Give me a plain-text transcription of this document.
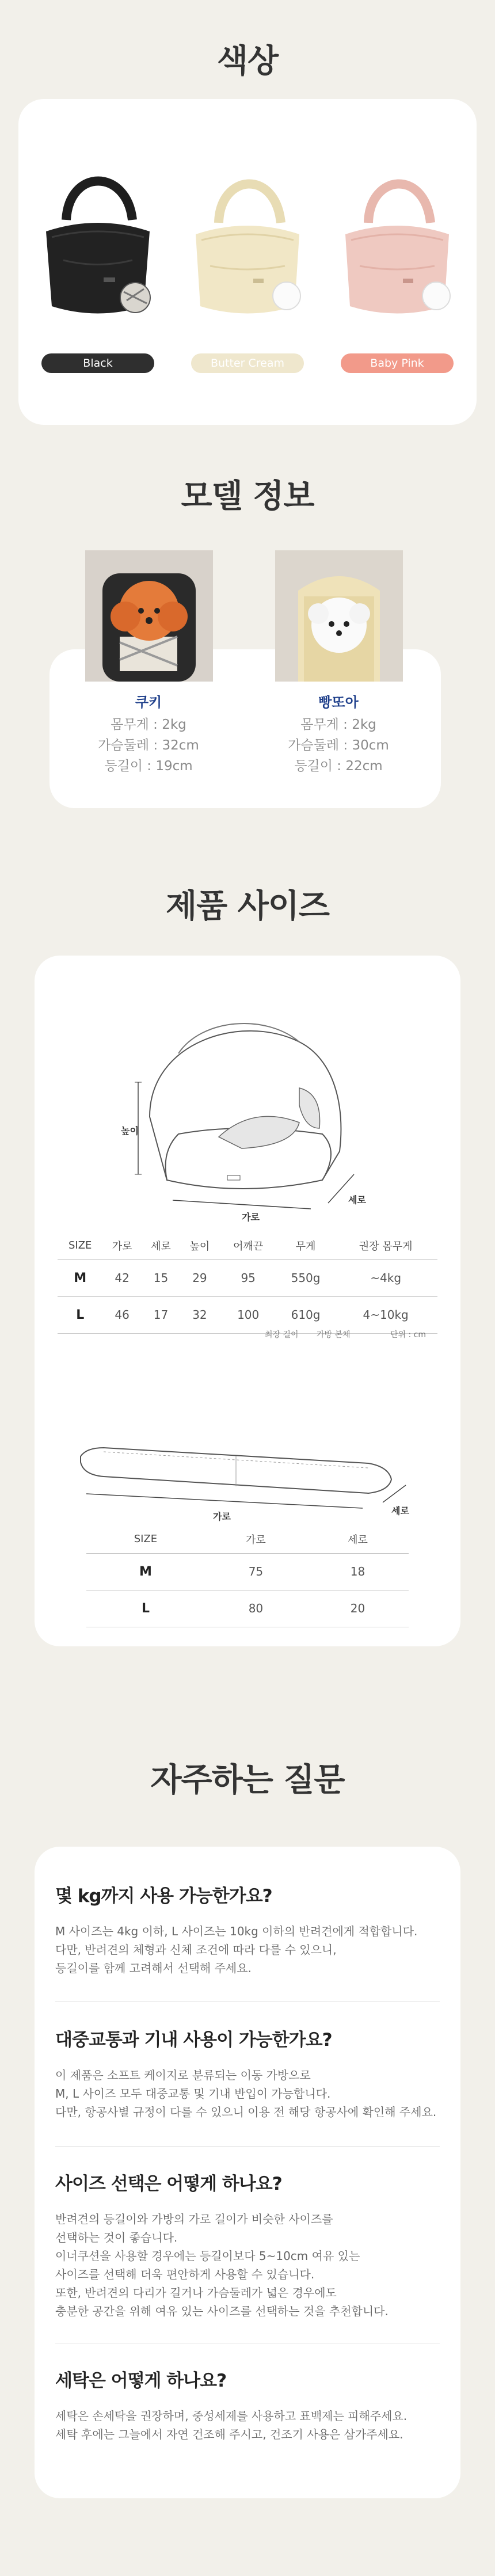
색상
Black	Butter Cream	Baby Pink
모델 정보
쿠키
몸무게 : 2kg
가슴둘레 : 32cm
등길이 : 19cm
빵또아
몸무게 : 2kg
가슴둘레 : 30cm
등길이 : 22cm
제품 사이즈
높이
가로
세로
SIZE	가로	세로	높이	어깨끈	무게	권장 몸무게
M	42	15	29	95	550g	~4kg
L	46	17	32	100	610g	4~10kg
최장 길이 가방 본체	단위 : cm
가로
세로
SIZE	가로	세로
M	75	18
L	80	20
자주하는 질문
몇 kg까지 사용 가능한가요?
M 사이즈는 4kg 이하, L 사이즈는 10kg 이하의 반려견에게 적합합니다.
다만, 반려견의 체형과 신체 조건에 따라 다를 수 있으니,
등길이를 함께 고려해서 선택해 주세요.
대중교통과 기내 사용이 가능한가요?
이 제품은 소프트 케이지로 분류되는 이동 가방으로
M, L 사이즈 모두 대중교통 및 기내 반입이 가능합니다.
다만, 항공사별 규정이 다를 수 있으니 이용 전 해당 항공사에 확인해 주세요.
사이즈 선택은 어떻게 하나요?
반려견의 등길이와 가방의 가로 길이가 비슷한 사이즈를
선택하는 것이 좋습니다.
이너쿠션을 사용할 경우에는 등길이보다 5~10cm 여유 있는
사이즈를 선택해 더욱 편안하게 사용할 수 있습니다.
또한, 반려견의 다리가 길거나 가슴둘레가 넓은 경우에도
충분한 공간을 위해 여유 있는 사이즈를 선택하는 것을 추천합니다.
세탁은 어떻게 하나요?
세탁은 손세탁을 권장하며, 중성세제를 사용하고 표백제는 피해주세요.
세탁 후에는 그늘에서 자연 건조해 주시고, 건조기 사용은 삼가주세요.
